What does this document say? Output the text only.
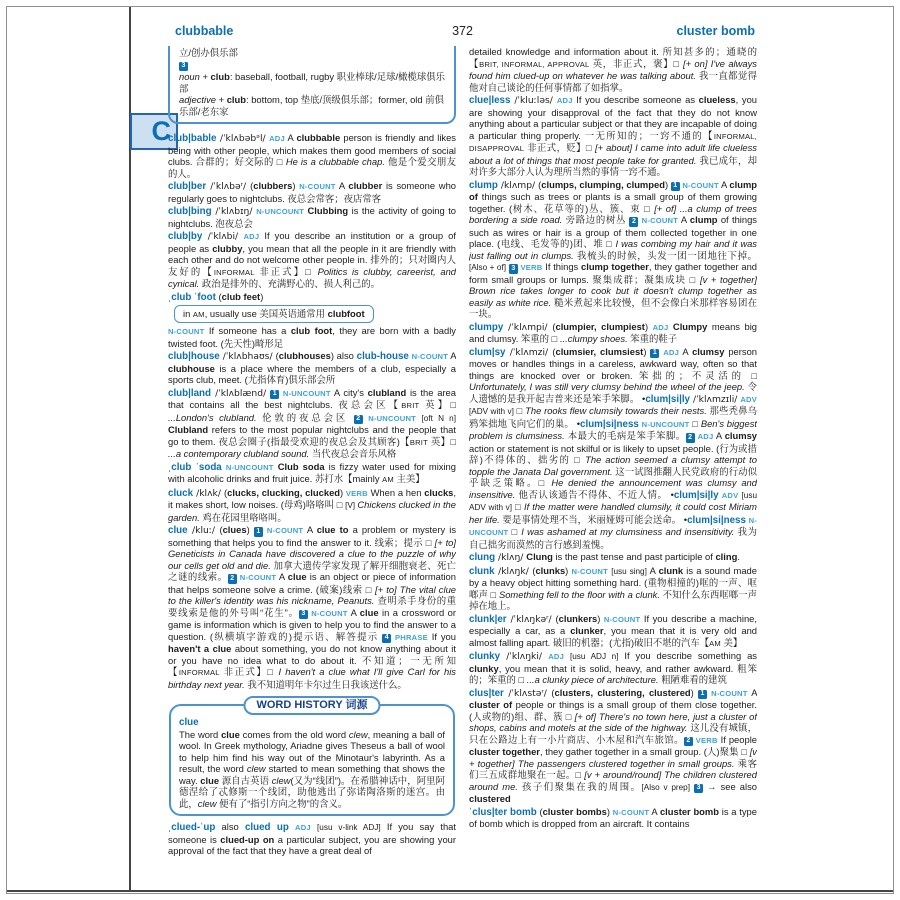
clubbable	372	cluster bomb
C

立/创办俱乐部

3

noun + club: baseball, football, rugby 职业棒球/足球/橄榄球俱乐部

adjective + club: bottom, top 垫底/顶级俱乐部；former, old 前俱乐部/老东家

club|bable /ˈklʌbəbᵊl/ ADJ A clubbable person is friendly and likes being with other people, which makes them good members of social clubs. 合群的；好交际的 □ He is a clubbable chap. 他是个爱交朋友的人。

club|ber /ˈklʌbəʳ/ (clubbers) N-COUNT A clubber is someone who regularly goes to nightclubs. 夜总会常客；夜店常客

club|bing /ˈklʌbɪŋ/ N-UNCOUNT Clubbing is the activity of going to nightclubs. 泡夜总会

club|by /ˈklʌbi/ ADJ If you describe an institution or a group of people as clubby, you mean that all the people in it are friendly with each other and do not welcome other people in. 排外的；只对圈内人友好的【INFORMAL 非正式】□ Politics is clubby, careerist, and cynical. 政治是排外的、充满野心的、损人利己的。

ˌclub ˈfoot (club feet)

in AM, usually use 美国英语通常用 clubfoot

N-COUNT If someone has a club foot, they are born with a badly twisted foot. (先天性)畸形足

club|house /ˈklʌbhaʊs/ (clubhouses) also club-house N-COUNT A clubhouse is a place where the members of a club, especially a sports club, meet. (尤指体育)俱乐部会所

club|land /ˈklʌblænd/ 1 N-UNCOUNT A city's clubland is the area that contains all the best nightclubs. 夜总会区【BRIT 英】□ ...London's clubland. 伦敦的夜总会区 2 N-UNCOUNT [oft N n] Clubland refers to the most popular nightclubs and the people that go to them. 夜总会圈子(指最受欢迎的夜总会及其顾客)【BRIT 英】□ ...a contemporary clubland sound. 当代夜总会音乐风格

ˌclub ˈsoda N-UNCOUNT Club soda is fizzy water used for mixing with alcoholic drinks and fruit juice. 苏打水【mainly AM 主美】

cluck /klʌk/ (clucks, clucking, clucked) VERB When a hen clucks, it makes short, low noises. (母鸡)咯咯叫 □ [V] Chickens clucked in the garden. 鸡在花园里咯咯叫。

clue /kluː/ (clues) 1 N-COUNT A clue to a problem or mystery is something that helps you to find the answer to it. 线索；提示 □ [+ to] Geneticists in Canada have discovered a clue to the puzzle of why our cells get old and die. 加拿大遗传学家发现了解开细胞衰老、死亡之谜的线索。 2 N-COUNT A clue is an object or piece of information that helps someone solve a crime. (破案)线索 □ [+ to] The vital clue to the killer's identity was his nickname, Peanuts. 查明杀手身份的重要线索是他的外号叫“花生”。 3 N-COUNT A clue in a crossword or game is information which is given to help you to find the answer to a question. (纵横填字游戏的)提示语、解答提示 4 PHRASE If you haven't a clue about something, you do not know anything about it or you have no idea what to do about it. 不知道；一无所知【INFORMAL 非正式】□ I haven't a clue what I'll give Carl for his birthday next year. 我不知道明年卡尔过生日我该送什么。

WORD HISTORY 词源

clue

The word clue comes from the old word clew, meaning a ball of wool. In Greek mythology, Ariadne gives Theseus a ball of wool to help him find his way out of the Minotaur's labyrinth. As a result, the word clew started to mean something that shows the way. clue 源自古英语 clew(又为“线团”)。在希腊神话中，阿里阿德涅给了忒修斯一个线团，助他逃出了弥诺陶洛斯的迷宫。由此，clew 便有了“指引方向之物”的含义。

ˌclued-ˈup also clued up ADJ [usu v-link ADJ] If you say that someone is clued-up on a particular subject, you are showing your approval of the fact that they have a great deal of

detailed knowledge and information about it. 所知甚多的；通晓的【BRIT, INFORMAL, APPROVAL 英，非正式，褒】□ [+ on] I've always found him clued-up on whatever he was talking about. 我一直都觉得他对自己谈论的任何事情都了如指掌。

clue|less /ˈkluːləs/ ADJ If you describe someone as clueless, you are showing your disapproval of the fact that they do not know anything about a particular subject or that they are incapable of doing a particular thing properly. 一无所知的；一窍不通的【INFORMAL, DISAPPROVAL 非正式，贬】□ [+ about] I came into adult life clueless about a lot of things that most people take for granted. 我已成年，却对许多大部分人认为理所当然的事情一窍不通。

clump /klʌmp/ (clumps, clumping, clumped) 1 N-COUNT A clump of things such as trees or plants is a small group of them growing together. (树木、花草等的)丛、簇、束 □ [+ of] ...a clump of trees bordering a side road. 旁路边的树丛 2 N-COUNT A clump of things such as wires or hair is a group of them collected together in one place. (电线、毛发等的)团、堆 □ I was combing my hair and it was just falling out in clumps. 我梳头的时候，头发一团一团地往下掉。[Also + of] 3 VERB If things clump together, they gather together and form small groups or lumps. 聚集成群；凝集成块 □ [v + together] Brown rice takes longer to cook but it doesn't clump together as easily as white rice. 糙米煮起来比较慢，但不会像白米那样容易团在一块。

clumpy /ˈklʌmpi/ (clumpier, clumpiest) ADJ Clumpy means big and clumsy. 笨重的 □ ...clumpy shoes. 笨重的鞋子

clum|sy /ˈklʌmzi/ (clumsier, clumsiest) 1 ADJ A clumsy person moves or handles things in a careless, awkward way, often so that things are knocked over or broken. 笨拙的；不灵活的 □ Unfortunately, I was still very clumsy behind the wheel of the jeep. 令人遗憾的是我开起吉普来还是笨手笨脚。 •clum|si|ly /ˈklʌmzɪli/ ADV [ADV with v] □ The rooks flew clumsily towards their nests. 那些秃鼻乌鸦笨拙地飞向它们的巢。 •clum|si|ness N-UNCOUNT □ Ben's biggest problem is clumsiness. 本最大的毛病是笨手笨脚。 2 ADJ A clumsy action or statement is not skilful or is likely to upset people. (行为或措辞)不得体的、拙劣的 □ The action seemed a clumsy attempt to topple the Janata Dal government. 这一试图推翻人民党政府的行动似乎缺乏策略。□ He denied the announcement was clumsy and insensitive. 他否认该通告不得体、不近人情。 •clum|si|ly ADV [usu ADV with v] □ If the matter were handled clumsily, it could cost Miriam her life. 要是事情处理不当，米丽娅姆可能会送命。 •clum|si|ness N-UNCOUNT □ I was ashamed at my clumsiness and insensitivity. 我为自己拙劣而漠然的言行感到羞愧。

clung /klʌŋ/ Clung is the past tense and past participle of cling.

clunk /klʌŋk/ (clunks) N-COUNT [usu sing] A clunk is a sound made by a heavy object hitting something hard. (重物相撞的)哐的一声、哐啷声 □ Something fell to the floor with a clunk. 不知什么东西哐啷一声掉在地上。

clunk|er /ˈklʌŋkəʳ/ (clunkers) N-COUNT If you describe a machine, especially a car, as a clunker, you mean that it is very old and almost falling apart. 破旧的机器；(尤指)破旧不堪的汽车【AM 美】

clunky /ˈklʌŋki/ ADJ [usu ADJ n] If you describe something as clunky, you mean that it is solid, heavy, and rather awkward. 粗笨的；笨重的 □ ...a clunky piece of architecture. 粗陋难看的建筑

clus|ter /ˈklʌstəʳ/ (clusters, clustering, clustered) 1 N-COUNT A cluster of people or things is a small group of them close together. (人或物的)组、群、簇 □ [+ of] There's no town here, just a cluster of shops, cabins and motels at the side of the highway. 这儿没有城镇，只在公路边上有一小片商店、小木屋和汽车旅馆。 2 VERB If people cluster together, they gather together in a small group. (人)聚集 □ [v + together] The passengers clustered together in small groups. 乘客们三五成群地聚在一起。□ [v + around/round] The children clustered around me. 孩子们聚集在我的周围。[Also v prep] 3 → see also clustered

ˈclus|ter bomb (cluster bombs) N-COUNT A cluster bomb is a type of bomb which is dropped from an aircraft. It contains
